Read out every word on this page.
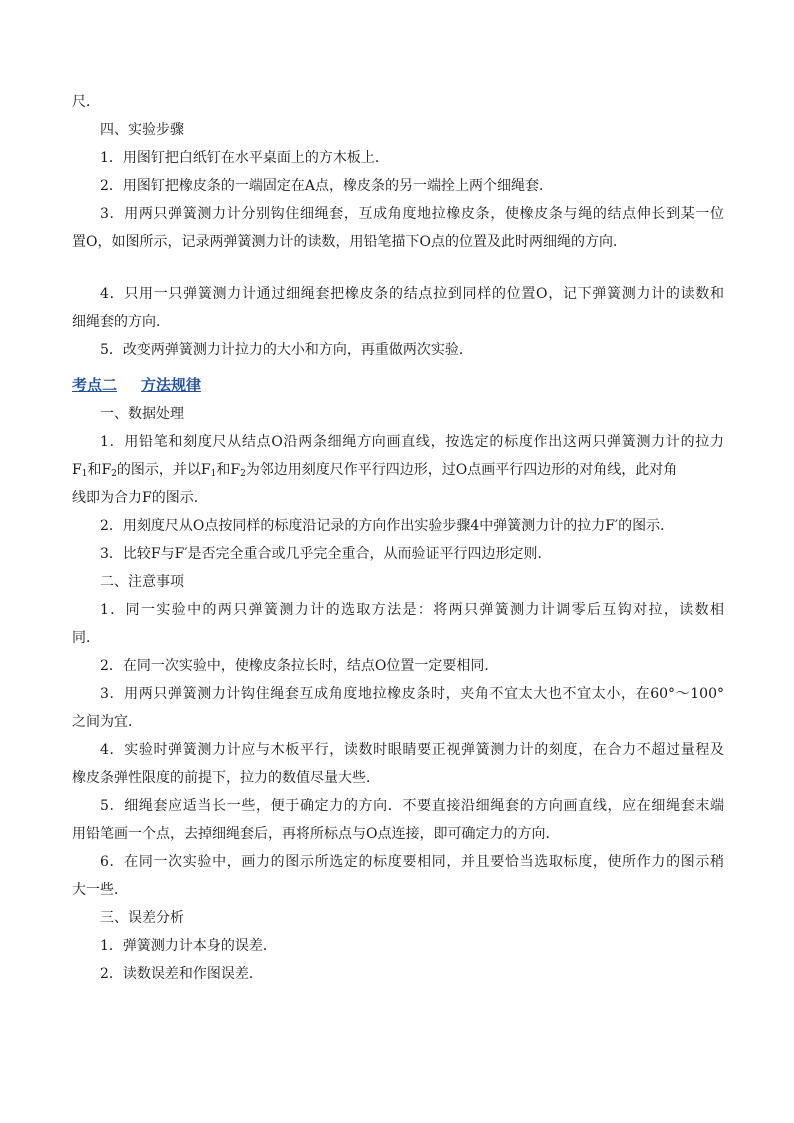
尺．
四、实验步骤
1．用图钉把白纸钉在水平桌面上的方木板上．
2．用图钉把橡皮条的一端固定在A点，橡皮条的另一端拴上两个细绳套．
3．用两只弹簧测力计分别钩住细绳套，互成角度地拉橡皮条，使橡皮条与绳的结点伸长到某一位
置O，如图所示，记录两弹簧测力计的读数，用铅笔描下O点的位置及此时两细绳的方向．
4．只用一只弹簧测力计通过细绳套把橡皮条的结点拉到同样的位置O，记下弹簧测力计的读数和
细绳套的方向．
5．改变两弹簧测力计拉力的大小和方向，再重做两次实验．
考点二 方法规律
一、数据处理
1．用铅笔和刻度尺从结点O沿两条细绳方向画直线，按选定的标度作出这两只弹簧测力计的拉力
$F_1$和$F_2$的图示，并以$F_1$和$F_2$为邻边用刻度尺作平行四边形，过O点画平行四边形的对角线，此对角
线即为合力F的图示．
2．用刻度尺从O点按同样的标度沿记录的方向作出实验步骤4中弹簧测力计的拉力F′的图示．
3．比较F与F′是否完全重合或几乎完全重合，从而验证平行四边形定则．
二、注意事项
1．同一实验中的两只弹簧测力计的选取方法是：将两只弹簧测力计调零后互钩对拉，读数相
同．
2．在同一次实验中，使橡皮条拉长时，结点O位置一定要相同．
3．用两只弹簧测力计钩住绳套互成角度地拉橡皮条时，夹角不宜太大也不宜太小，在60°～100°
之间为宜．
4．实验时弹簧测力计应与木板平行，读数时眼睛要正视弹簧测力计的刻度，在合力不超过量程及
橡皮条弹性限度的前提下，拉力的数值尽量大些．
5．细绳套应适当长一些，便于确定力的方向．不要直接沿细绳套的方向画直线，应在细绳套末端
用铅笔画一个点，去掉细绳套后，再将所标点与O点连接，即可确定力的方向．
6．在同一次实验中，画力的图示所选定的标度要相同，并且要恰当选取标度，使所作力的图示稍
大一些．
三、误差分析
1．弹簧测力计本身的误差．
2．读数误差和作图误差．
